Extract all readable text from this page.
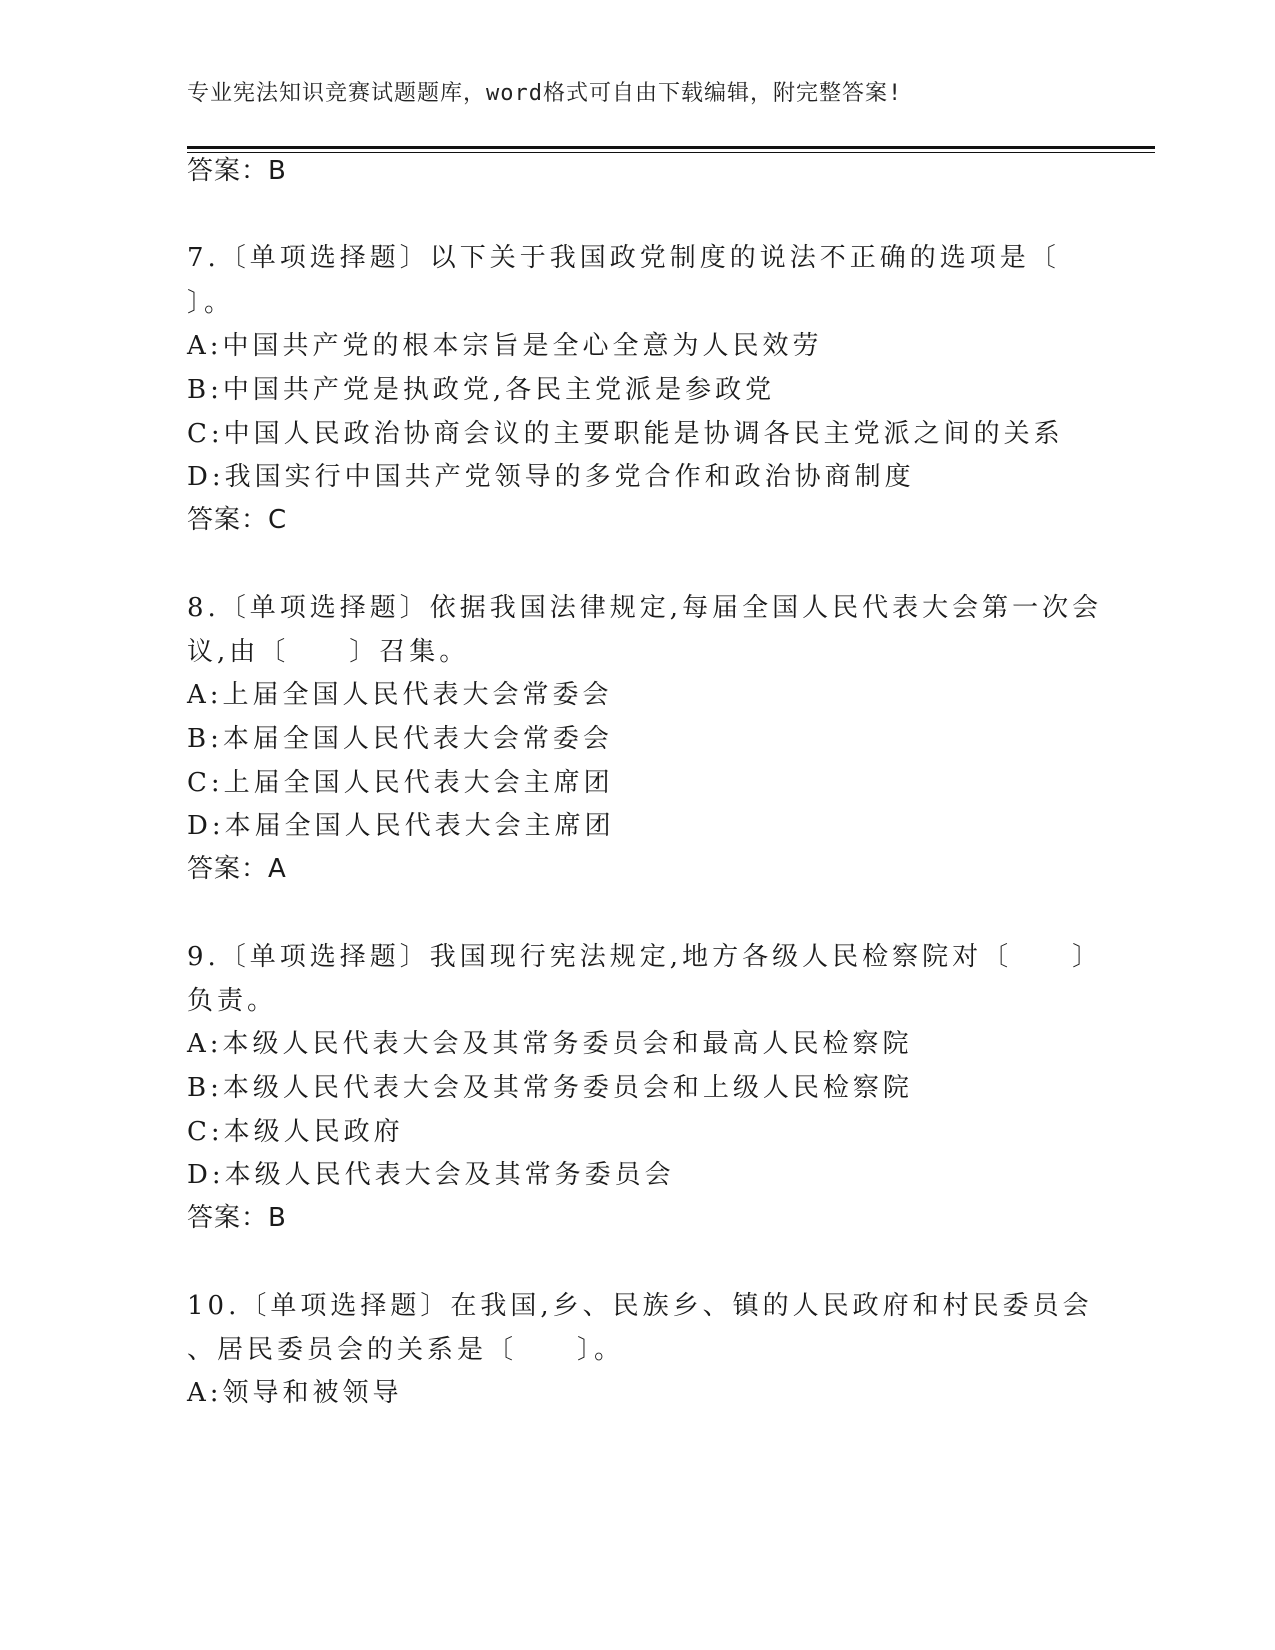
专业宪法知识竞赛试题题库，word格式可自由下载编辑，附完整答案!
答案：B
7.〔单项选择题〕以下关于我国政党制度的说法不正确的选项是〔
〕。
A:中国共产党的根本宗旨是全心全意为人民效劳
B:中国共产党是执政党,各民主党派是参政党
C:中国人民政治协商会议的主要职能是协调各民主党派之间的关系
D:我国实行中国共产党领导的多党合作和政治协商制度
答案：C
8.〔单项选择题〕依据我国法律规定,每届全国人民代表大会第一次会
议,由〔　　〕召集。
A:上届全国人民代表大会常委会
B:本届全国人民代表大会常委会
C:上届全国人民代表大会主席团
D:本届全国人民代表大会主席团
答案：A
9.〔单项选择题〕我国现行宪法规定,地方各级人民检察院对〔　　〕
负责。
A:本级人民代表大会及其常务委员会和最高人民检察院
B:本级人民代表大会及其常务委员会和上级人民检察院
C:本级人民政府
D:本级人民代表大会及其常务委员会
答案：B
10.〔单项选择题〕在我国,乡、民族乡、镇的人民政府和村民委员会
、居民委员会的关系是〔　　〕。
A:领导和被领导
